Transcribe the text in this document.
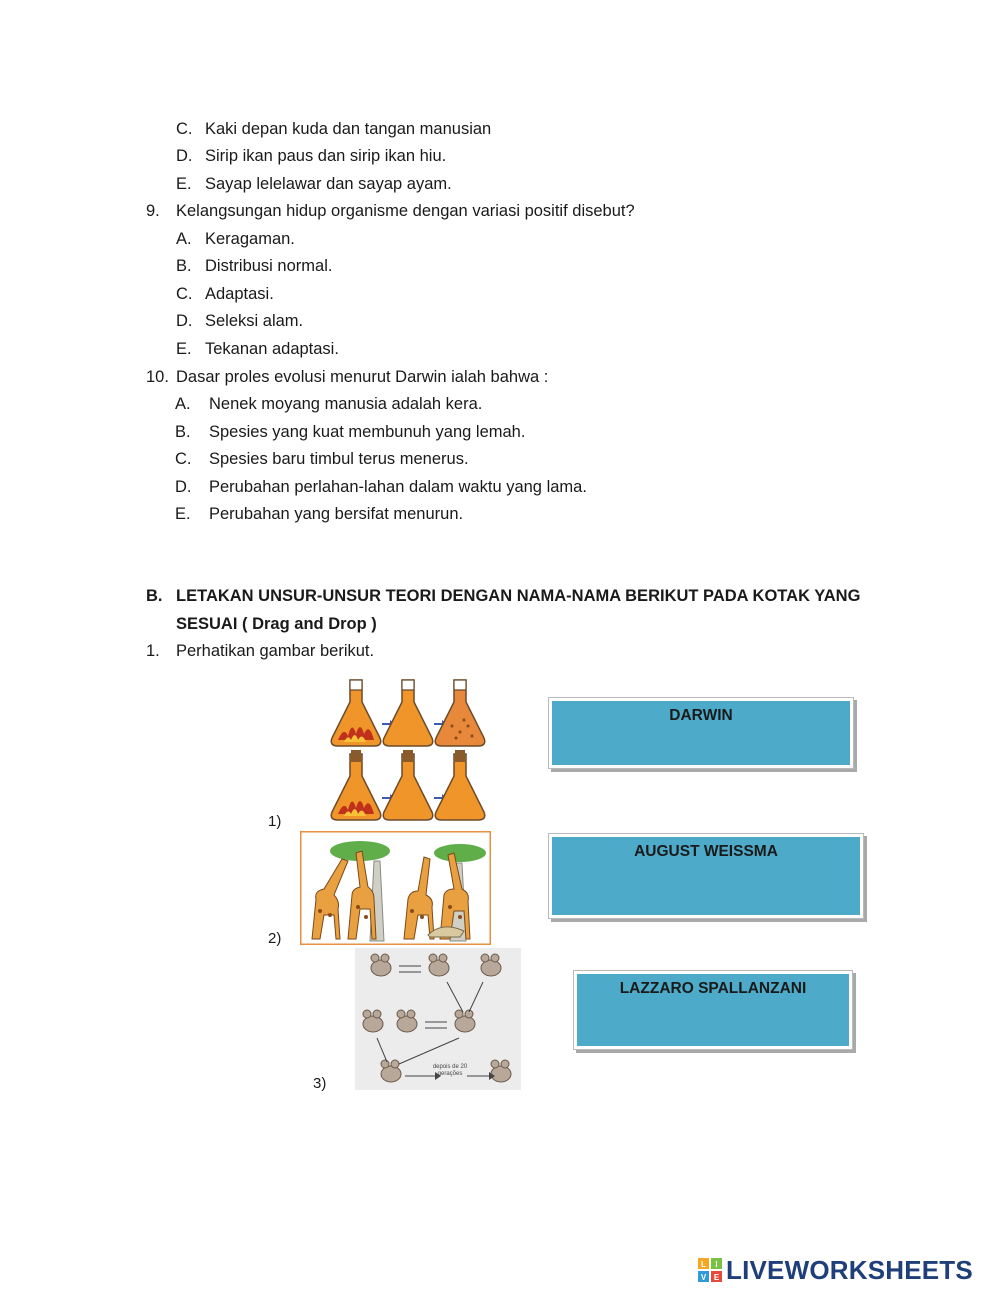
C. Kaki depan kuda dan tangan manusian
D. Sirip ikan paus dan sirip ikan hiu.
E. Sayap lelelawar dan sayap ayam.
9. Kelangsungan hidup organisme dengan variasi positif disebut?
A. Keragaman.
B. Distribusi normal.
C. Adaptasi.
D. Seleksi alam.
E. Tekanan adaptasi.
10. Dasar proles evolusi menurut Darwin ialah bahwa :
A. Nenek moyang manusia adalah kera.
B. Spesies yang kuat membunuh yang lemah.
C. Spesies baru timbul terus menerus.
D. Perubahan perlahan-lahan dalam waktu yang lama.
E. Perubahan yang bersifat menurun.
B. LETAKAN UNSUR-UNSUR TEORI DENGAN NAMA-NAMA BERIKUT PADA KOTAK YANG
SESUAI ( Drag and Drop )
1. Perhatikan gambar berikut.
1)
2)
depois de 20 gerações
3)
DARWIN
AUGUST WEISSMA
LAZZARO SPALLANZANI
L I
V E LIVEWORKSHEETS
